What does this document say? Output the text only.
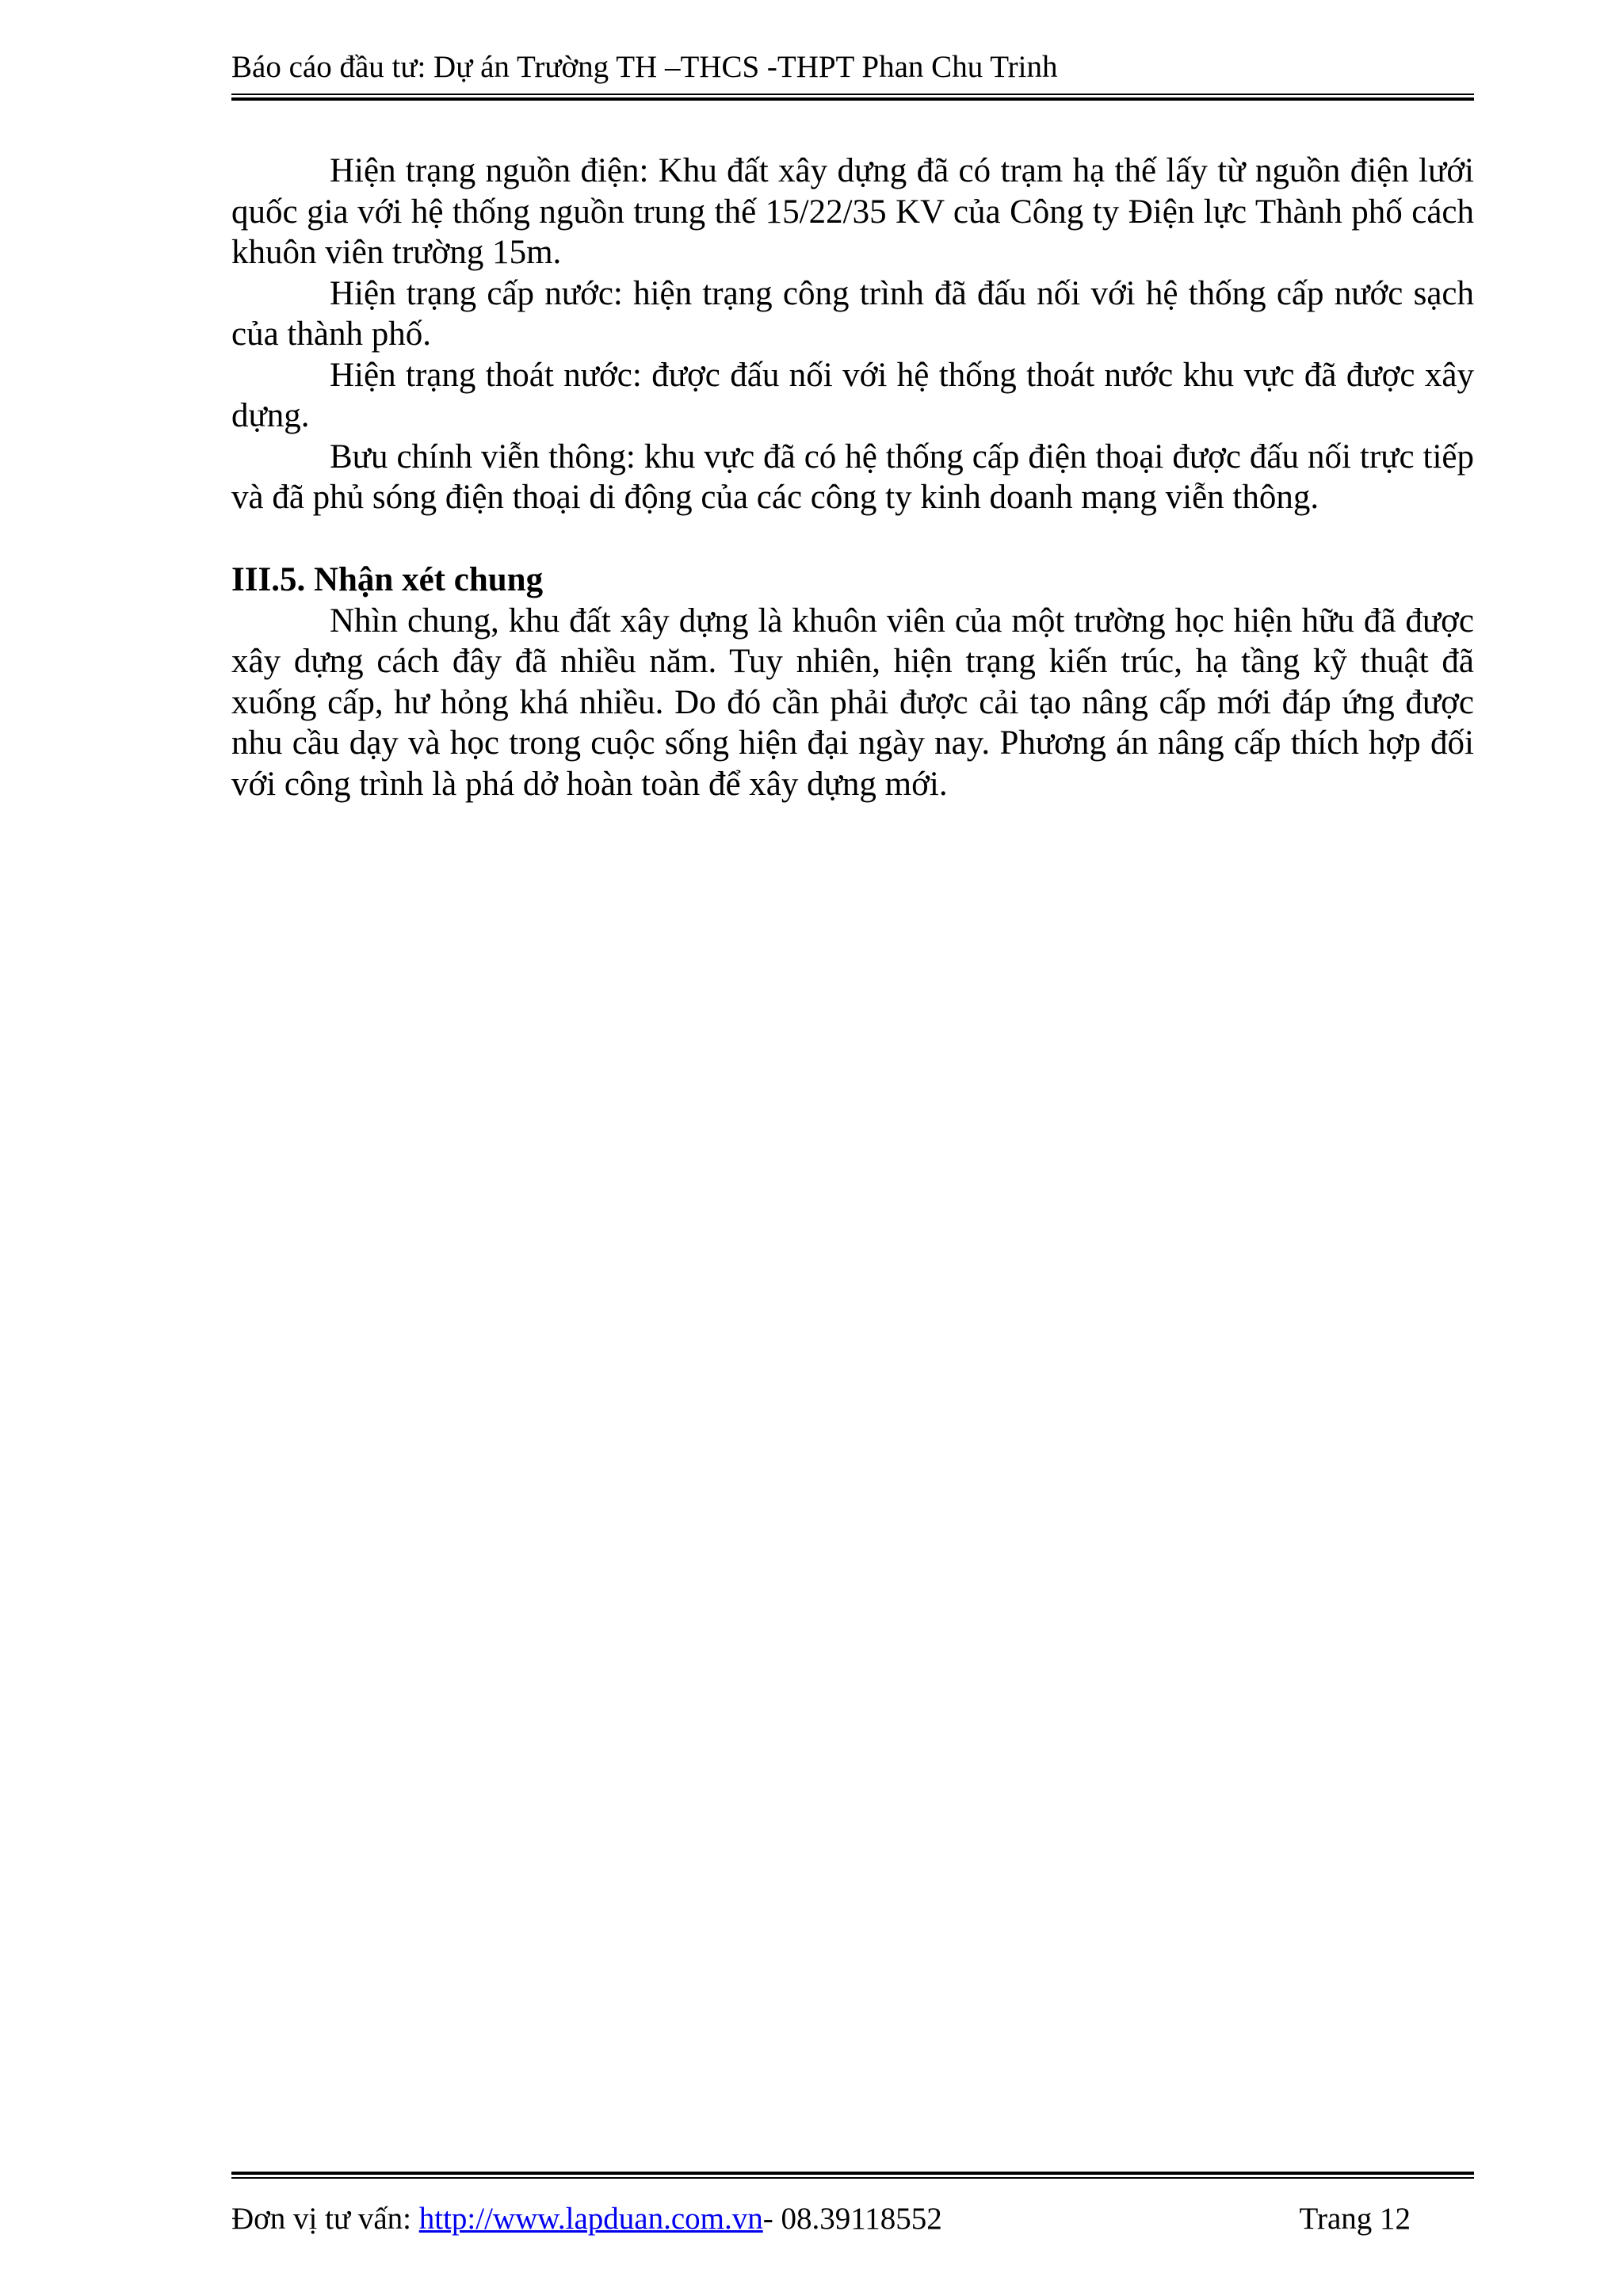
Báo cáo đầu tư: Dự án Trường TH –THCS -THPT Phan Chu Trinh

Hiện trạng nguồn điện: Khu đất xây dựng đã có trạm hạ thế lấy từ nguồn điện lưới quốc gia với hệ thống nguồn trung thế 15/22/35 KV của Công ty Điện lực Thành phố cách khuôn viên trường 15m.

Hiện trạng cấp nước: hiện trạng công trình đã đấu nối với hệ thống cấp nước sạch của thành phố.

Hiện trạng thoát nước: được đấu nối với hệ thống thoát nước khu vực đã được xây dựng.

Bưu chính viễn thông: khu vực đã có hệ thống cấp điện thoại được đấu nối trực tiếp và đã phủ sóng điện thoại di động của các công ty kinh doanh mạng viễn thông.

III.5. Nhận xét chung

Nhìn chung, khu đất xây dựng là khuôn viên của một trường học hiện hữu đã được xây dựng cách đây đã nhiều năm. Tuy nhiên, hiện trạng kiến trúc, hạ tầng kỹ thuật đã xuống cấp, hư hỏng khá nhiều. Do đó cần phải được cải tạo nâng cấp mới đáp ứng được nhu cầu dạy và học trong cuộc sống hiện đại ngày nay. Phương án nâng cấp thích hợp đối với công trình là phá dở hoàn toàn để xây dựng mới.

Đơn vị tư vấn: http://www.lapduan.com.vn- 08.39118552	Trang 12
